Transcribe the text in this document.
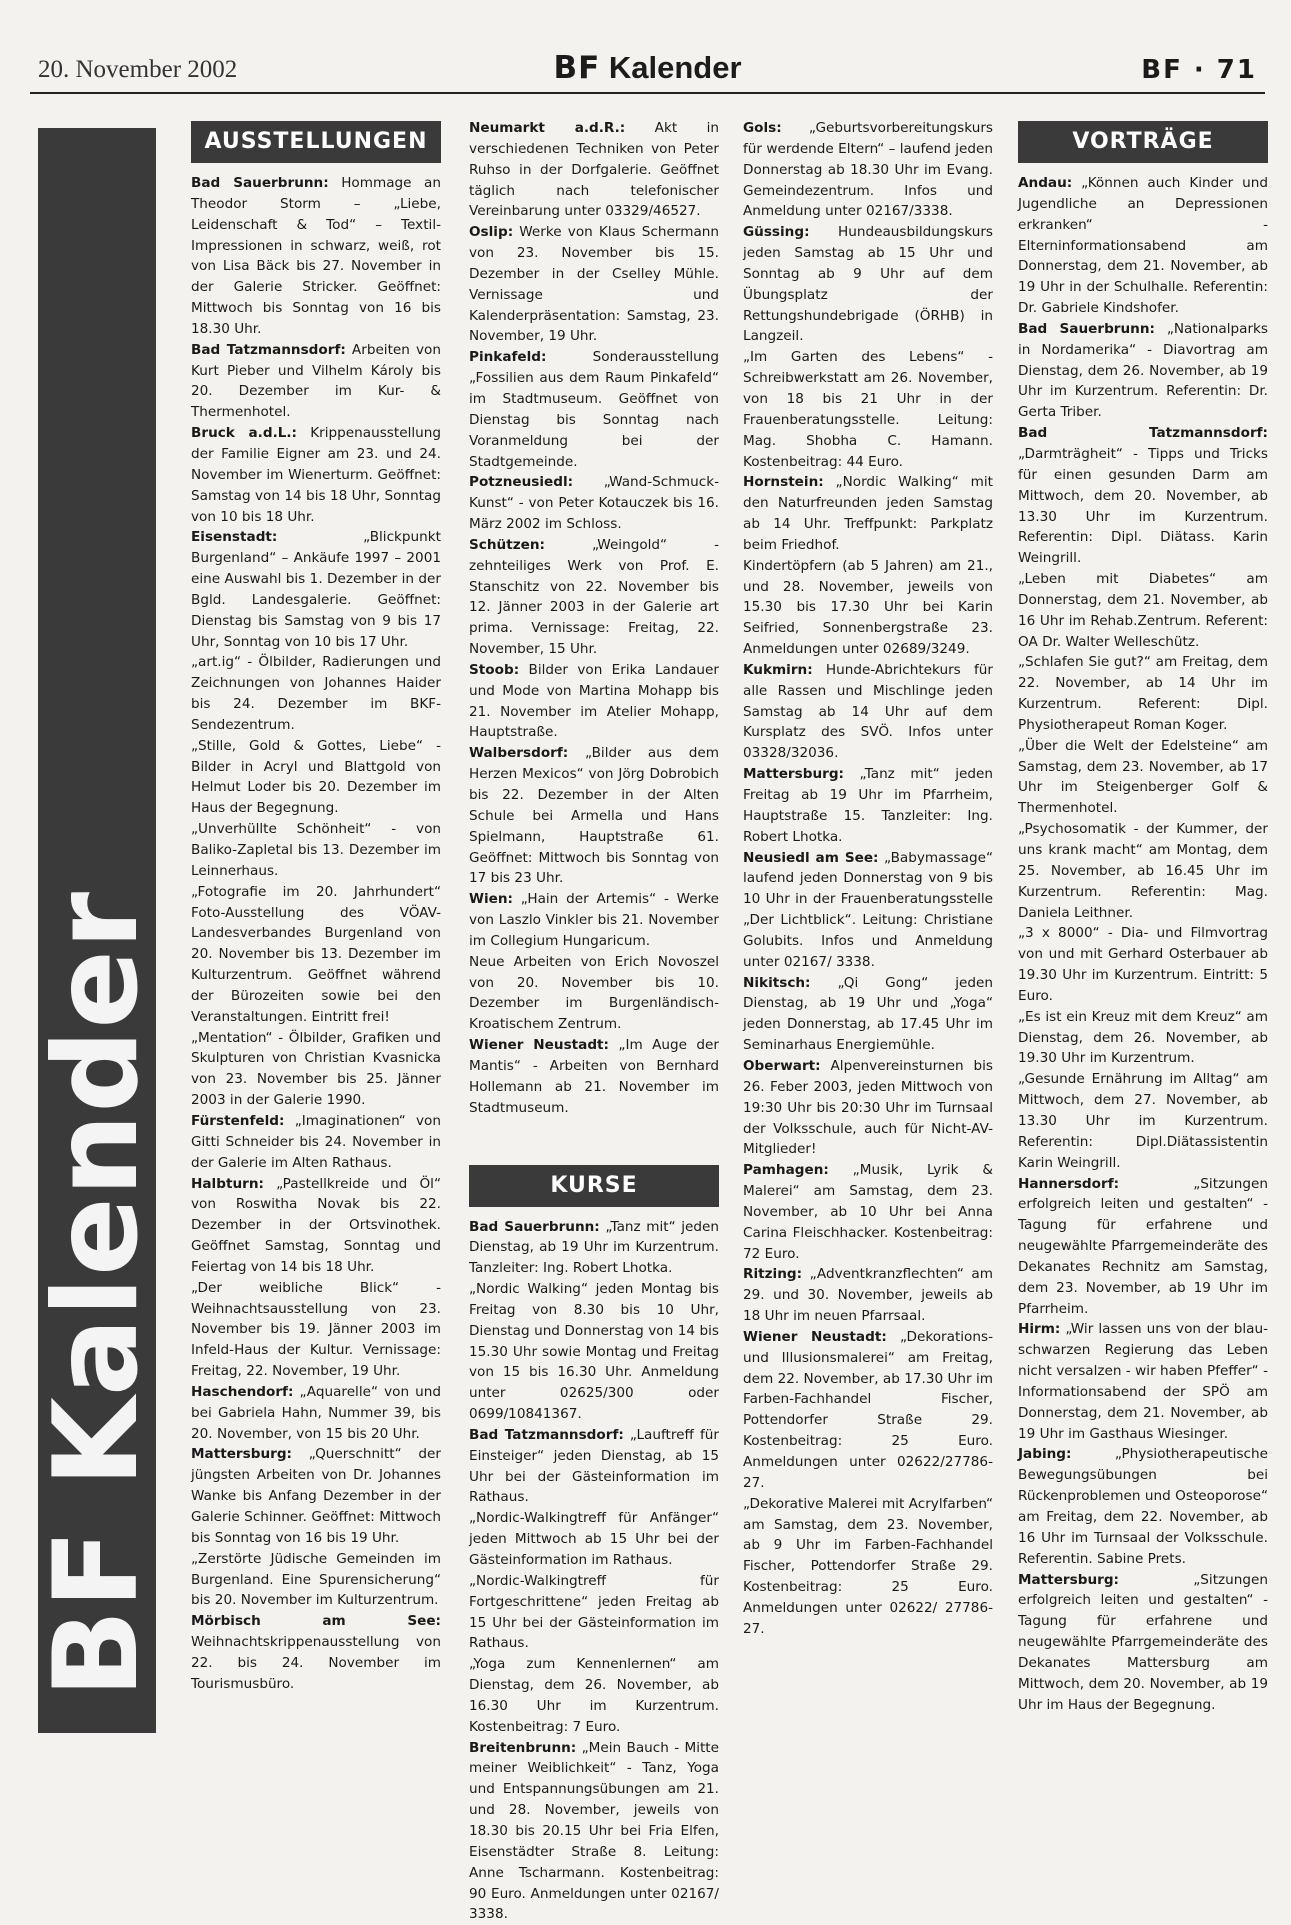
20. November 2002	BF Kalender	BF · 71
BF Kalender
AUSSTELLUNGEN

Bad Sauerbrunn: Hommage an Theodor Storm – „Liebe, Leidenschaft & Tod“ – Textil-Impressionen in schwarz, weiß, rot von Lisa Bäck bis 27. November in der Galerie Stricker. Geöffnet: Mittwoch bis Sonntag von 16 bis 18.30 Uhr.

Bad Tatzmannsdorf: Arbeiten von Kurt Pieber und Vilhelm Károly bis 20. Dezember im Kur- & Thermenhotel.

Bruck a.d.L.: Krippenausstellung der Familie Eigner am 23. und 24. November im Wienerturm. Geöffnet: Samstag von 14 bis 18 Uhr, Sonntag von 10 bis 18 Uhr.

Eisenstadt: „Blickpunkt Burgenland“ – Ankäufe 1997 – 2001 eine Auswahl bis 1. Dezember in der Bgld. Landesgalerie. Geöffnet: Dienstag bis Samstag von 9 bis 17 Uhr, Sonntag von 10 bis 17 Uhr.

„art.ig“ - Ölbilder, Radierungen und Zeichnungen von Johannes Haider bis 24. Dezember im BKF-Sendezentrum.

„Stille, Gold & Gottes, Liebe“ - Bilder in Acryl und Blattgold von Helmut Loder bis 20. Dezember im Haus der Begegnung.

„Unverhüllte Schönheit“ - von Baliko-Zapletal bis 13. Dezember im Leinnerhaus.

„Fotografie im 20. Jahrhundert“ Foto-Ausstellung des VÖAV-Landesverbandes Burgenland von 20. November bis 13. Dezember im Kulturzentrum. Geöffnet während der Bürozeiten sowie bei den Veranstaltungen. Eintritt frei!

„Mentation“ - Ölbilder, Grafiken und Skulpturen von Christian Kvasnicka von 23. November bis 25. Jänner 2003 in der Galerie 1990.

Fürstenfeld: „Imaginationen“ von Gitti Schneider bis 24. November in der Galerie im Alten Rathaus.

Halbturn: „Pastellkreide und Öl“ von Roswitha Novak bis 22. Dezember in der Ortsvinothek. Geöffnet Samstag, Sonntag und Feiertag von 14 bis 18 Uhr.

„Der weibliche Blick“ - Weihnachtsausstellung von 23. November bis 19. Jänner 2003 im Infeld-Haus der Kultur. Vernissage: Freitag, 22. November, 19 Uhr.

Haschendorf: „Aquarelle“ von und bei Gabriela Hahn, Nummer 39, bis 20. November, von 15 bis 20 Uhr.

Mattersburg: „Querschnitt“ der jüngsten Arbeiten von Dr. Johannes Wanke bis Anfang Dezember in der Galerie Schinner. Geöffnet: Mittwoch bis Sonntag von 16 bis 19 Uhr.

„Zerstörte Jüdische Gemeinden im Burgenland. Eine Spurensicherung“ bis 20. November im Kulturzentrum.

Mörbisch am See: Weihnachtskrippenausstellung von 22. bis 24. November im Tourismusbüro.

Neumarkt a.d.R.: Akt in verschiedenen Techniken von Peter Ruhso in der Dorfgalerie. Geöffnet täglich nach telefonischer Vereinbarung unter 03329/46527.

Oslip: Werke von Klaus Schermann von 23. November bis 15. Dezember in der Cselley Mühle. Vernissage und Kalenderpräsentation: Samstag, 23. November, 19 Uhr.

Pinkafeld: Sonderausstellung „Fossilien aus dem Raum Pinkafeld“ im Stadtmuseum. Geöffnet von Dienstag bis Sonntag nach Voranmeldung bei der Stadtgemeinde.

Potzneusiedl: „Wand-Schmuck-Kunst“ - von Peter Kotauczek bis 16. März 2002 im Schloss.

Schützen: „Weingold“ - zehnteiliges Werk von Prof. E. Stanschitz von 22. November bis 12. Jänner 2003 in der Galerie art prima. Vernissage: Freitag, 22. November, 15 Uhr.

Stoob: Bilder von Erika Landauer und Mode von Martina Mohapp bis 21. November im Atelier Mohapp, Hauptstraße.

Walbersdorf: „Bilder aus dem Herzen Mexicos“ von Jörg Dobrobich bis 22. Dezember in der Alten Schule bei Armella und Hans Spielmann, Hauptstraße 61. Geöffnet: Mittwoch bis Sonntag von 17 bis 23 Uhr.

Wien: „Hain der Artemis“ - Werke von Laszlo Vinkler bis 21. November im Collegium Hungaricum.

Neue Arbeiten von Erich Novoszel von 20. November bis 10. Dezember im Burgenländisch-Kroatischem Zentrum.

Wiener Neustadt: „Im Auge der Mantis“ - Arbeiten von Bernhard Hollemann ab 21. November im Stadtmuseum.

KURSE

Bad Sauerbrunn: „Tanz mit“ jeden Dienstag, ab 19 Uhr im Kurzentrum. Tanzleiter: Ing. Robert Lhotka.

„Nordic Walking“ jeden Montag bis Freitag von 8.30 bis 10 Uhr, Dienstag und Donnerstag von 14 bis 15.30 Uhr sowie Montag und Freitag von 15 bis 16.30 Uhr. Anmeldung unter 02625/300 oder 0699/10841367.

Bad Tatzmannsdorf: „Lauftreff für Einsteiger“ jeden Dienstag, ab 15 Uhr bei der Gästeinformation im Rathaus.

„Nordic-Walkingtreff für Anfänger“ jeden Mittwoch ab 15 Uhr bei der Gästeinformation im Rathaus.

„Nordic-Walkingtreff für Fortgeschrittene“ jeden Freitag ab 15 Uhr bei der Gästeinformation im Rathaus.

„Yoga zum Kennenlernen“ am Dienstag, dem 26. November, ab 16.30 Uhr im Kurzentrum. Kostenbeitrag: 7 Euro.

Breitenbrunn: „Mein Bauch - Mitte meiner Weiblichkeit“ - Tanz, Yoga und Entspannungsübungen am 21. und 28. November, jeweils von 18.30 bis 20.15 Uhr bei Fria Elfen, Eisenstädter Straße 8. Leitung: Anne Tscharmann. Kostenbeitrag: 90 Euro. Anmeldungen unter 02167/ 3338.

Gols: „Geburtsvorbereitungskurs für werdende Eltern“ – laufend jeden Donnerstag ab 18.30 Uhr im Evang. Gemeindezentrum. Infos und Anmeldung unter 02167/3338.

Güssing: Hundeausbildungskurs jeden Samstag ab 15 Uhr und Sonntag ab 9 Uhr auf dem Übungsplatz der Rettungshundebrigade (ÖRHB) in Langzeil.

„Im Garten des Lebens“ - Schreibwerkstatt am 26. November, von 18 bis 21 Uhr in der Frauenberatungsstelle. Leitung: Mag. Shobha C. Hamann. Kostenbeitrag: 44 Euro.

Hornstein: „Nordic Walking“ mit den Naturfreunden jeden Samstag ab 14 Uhr. Treffpunkt: Parkplatz beim Friedhof.

Kindertöpfern (ab 5 Jahren) am 21., und 28. November, jeweils von 15.30 bis 17.30 Uhr bei Karin Seifried, Sonnenbergstraße 23. Anmeldungen unter 02689/3249.

Kukmirn: Hunde-Abrichtekurs für alle Rassen und Mischlinge jeden Samstag ab 14 Uhr auf dem Kursplatz des SVÖ. Infos unter 03328/32036.

Mattersburg: „Tanz mit“ jeden Freitag ab 19 Uhr im Pfarrheim, Hauptstraße 15. Tanzleiter: Ing. Robert Lhotka.

Neusiedl am See: „Babymassage“ laufend jeden Donnerstag von 9 bis 10 Uhr in der Frauenberatungsstelle „Der Lichtblick“. Leitung: Christiane Golubits. Infos und Anmeldung unter 02167/ 3338.

Nikitsch: „Qi Gong“ jeden Dienstag, ab 19 Uhr und „Yoga“ jeden Donnerstag, ab 17.45 Uhr im Seminarhaus Energiemühle.

Oberwart: Alpenvereinsturnen bis 26. Feber 2003, jeden Mittwoch von 19:30 Uhr bis 20:30 Uhr im Turnsaal der Volksschule, auch für Nicht-AV-Mitglieder!

Pamhagen: „Musik, Lyrik & Malerei“ am Samstag, dem 23. November, ab 10 Uhr bei Anna Carina Fleischhacker. Kostenbeitrag: 72 Euro.

Ritzing: „Adventkranzflechten“ am 29. und 30. November, jeweils ab 18 Uhr im neuen Pfarrsaal.

Wiener Neustadt: „Dekorations- und Illusionsmalerei“ am Freitag, dem 22. November, ab 17.30 Uhr im Farben-Fachhandel Fischer, Pottendorfer Straße 29. Kostenbeitrag: 25 Euro. Anmeldungen unter 02622/27786-27.

„Dekorative Malerei mit Acrylfarben“ am Samstag, dem 23. November, ab 9 Uhr im Farben-Fachhandel Fischer, Pottendorfer Straße 29. Kostenbeitrag: 25 Euro. Anmeldungen unter 02622/ 27786-27.

VORTRÄGE

Andau: „Können auch Kinder und Jugendliche an Depressionen erkranken“ - Elterninformationsabend am Donnerstag, dem 21. November, ab 19 Uhr in der Schulhalle. Referentin: Dr. Gabriele Kindshofer.

Bad Sauerbrunn: „Nationalparks in Nordamerika“ - Diavortrag am Dienstag, dem 26. November, ab 19 Uhr im Kurzentrum. Referentin: Dr. Gerta Triber.

Bad Tatzmannsdorf: „Darmträgheit“ - Tipps und Tricks für einen gesunden Darm am Mittwoch, dem 20. November, ab 13.30 Uhr im Kurzentrum. Referentin: Dipl. Diätass. Karin Weingrill.

„Leben mit Diabetes“ am Donnerstag, dem 21. November, ab 16 Uhr im Rehab.Zentrum. Referent: OA Dr. Walter Welleschütz.

„Schlafen Sie gut?“ am Freitag, dem 22. November, ab 14 Uhr im Kurzentrum. Referent: Dipl. Physiotherapeut Roman Koger.

„Über die Welt der Edelsteine“ am Samstag, dem 23. November, ab 17 Uhr im Steigenberger Golf & Thermenhotel.

„Psychosomatik - der Kummer, der uns krank macht“ am Montag, dem 25. November, ab 16.45 Uhr im Kurzentrum. Referentin: Mag. Daniela Leithner.

„3 x 8000“ - Dia- und Filmvortrag von und mit Gerhard Osterbauer ab 19.30 Uhr im Kurzentrum. Eintritt: 5 Euro.

„Es ist ein Kreuz mit dem Kreuz“ am Dienstag, dem 26. November, ab 19.30 Uhr im Kurzentrum.

„Gesunde Ernährung im Alltag“ am Mittwoch, dem 27. November, ab 13.30 Uhr im Kurzentrum. Referentin: Dipl.Diätassistentin Karin Weingrill.

Hannersdorf: „Sitzungen erfolgreich leiten und gestalten“ - Tagung für erfahrene und neugewählte Pfarrgemeinderäte des Dekanates Rechnitz am Samstag, dem 23. November, ab 19 Uhr im Pfarrheim.

Hirm: „Wir lassen uns von der blau-schwarzen Regierung das Leben nicht versalzen - wir haben Pfeffer“ - Informationsabend der SPÖ am Donnerstag, dem 21. November, ab 19 Uhr im Gasthaus Wiesinger.

Jabing: „Physiotherapeutische Bewegungsübungen bei Rückenproblemen und Osteoporose“ am Freitag, dem 22. November, ab 16 Uhr im Turnsaal der Volksschule. Referentin. Sabine Prets.

Mattersburg: „Sitzungen erfolgreich leiten und gestalten“ - Tagung für erfahrene und neugewählte Pfarrgemeinderäte des Dekanates Mattersburg am Mittwoch, dem 20. November, ab 19 Uhr im Haus der Begegnung.
